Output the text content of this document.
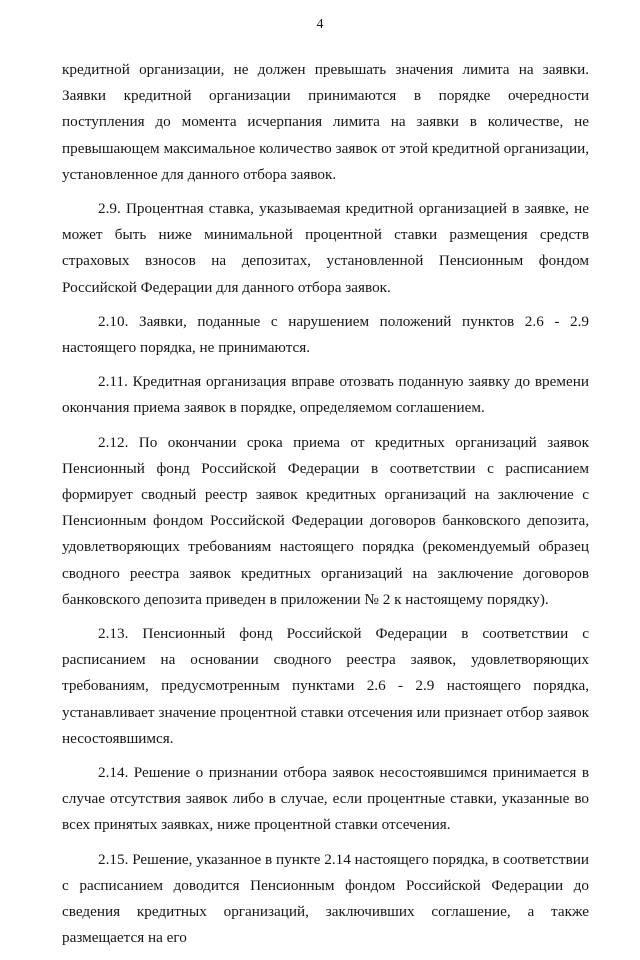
4

кредитной организации, не должен превышать значения лимита на заявки. Заявки кредитной организации принимаются в порядке очередности поступления до момента исчерпания лимита на заявки в количестве, не превышающем максимальное количество заявок от этой кредитной организации, установленное для данного отбора заявок.

2.9. Процентная ставка, указываемая кредитной организацией в заявке, не может быть ниже минимальной процентной ставки размещения средств страховых взносов на депозитах, установленной Пенсионным фондом Российской Федерации для данного отбора заявок.

2.10. Заявки, поданные с нарушением положений пунктов 2.6 - 2.9 настоящего порядка, не принимаются.

2.11. Кредитная организация вправе отозвать поданную заявку до времени окончания приема заявок в порядке, определяемом соглашением.

2.12. По окончании срока приема от кредитных организаций заявок Пенсионный фонд Российской Федерации в соответствии с расписанием формирует сводный реестр заявок кредитных организаций на заключение с Пенсионным фондом Российской Федерации договоров банковского депозита, удовлетворяющих требованиям настоящего порядка (рекомендуемый образец сводного реестра заявок кредитных организаций на заключение договоров банковского депозита приведен в приложении № 2 к настоящему порядку).

2.13. Пенсионный фонд Российской Федерации в соответствии с расписанием на основании сводного реестра заявок, удовлетворяющих требованиям, предусмотренным пунктами 2.6 - 2.9 настоящего порядка, устанавливает значение процентной ставки отсечения или признает отбор заявок несостоявшимся.

2.14. Решение о признании отбора заявок несостоявшимся принимается в случае отсутствия заявок либо в случае, если процентные ставки, указанные во всех принятых заявках, ниже процентной ставки отсечения.

2.15. Решение, указанное в пункте 2.14 настоящего порядка, в соответствии с расписанием доводится Пенсионным фондом Российской Федерации до сведения кредитных организаций, заключивших соглашение, а также размещается на его
